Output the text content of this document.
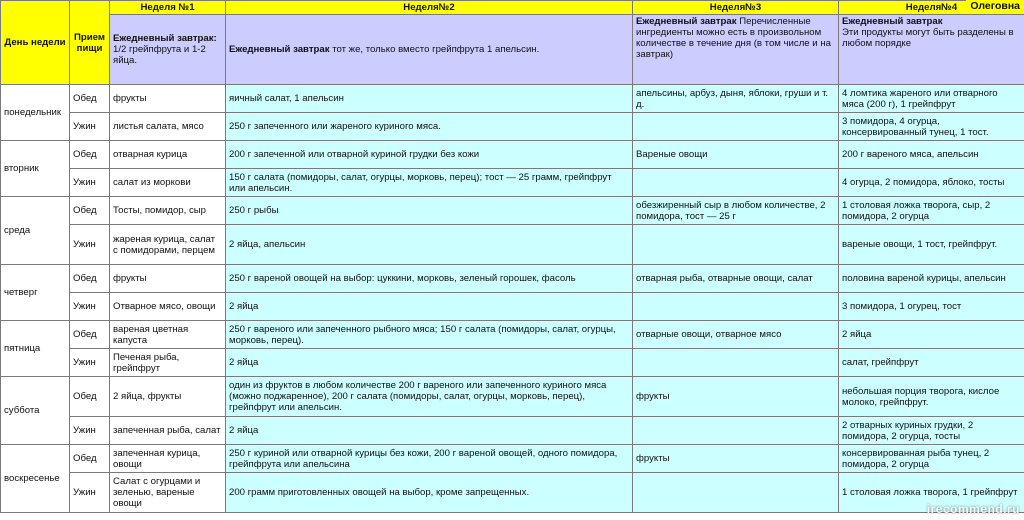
День недели	Прием пищи	Неделя №1	Неделя№2	Неделя№3	Неделя№4
		Ежедневный завтрак: 1/2 грейпфрута и 1-2 яйца.	Ежедневный завтрак тот же, только вместо грейпфрута 1 апельсин.	Ежедневный завтрак Перечисленные ингредиенты можно есть в произвольном количестве в течение дня (в том числе и на завтрак)	Ежедневный завтрак
Эти продукты могут быть разделены в любом порядке
понедельник	Обед	фрукты	яичный салат, 1 апельсин	апельсины, арбуз, дыня, яблоки, груши и т. д.	4 ломтика жареного или отварного мяса (200 г), 1 грейпфрут
	Ужин	листья салата, мясо	250 г запеченного или жареного куриного мяса.		3 помидора, 4 огурца, консервированный тунец, 1 тост.
вторник	Обед	отварная курица	200 г запеченной или отварной куриной грудки без кожи	Вареные овощи	200 г вареного мяса, апельсин
	Ужин	салат из моркови	150 г салата (помидоры, салат, огурцы, морковь, перец); тост — 25 грамм, грейпфрут или апельсин.		4 огурца, 2 помидора, яблоко, тосты
среда	Обед	Тосты, помидор, сыр	250 г рыбы	обезжиренный сыр в любом количестве, 2 помидора, тост — 25 г	1 столовая ложка творога, сыр, 2 помидора, 2 огурца
	Ужин	жареная курица, салат с помидорами, перцем	2 яйца, апельсин		вареные овощи, 1 тост, грейпфрут.
четверг	Обед	фрукты	250 г вареной овощей на выбор: цуккини, морковь, зеленый горошек, фасоль	отварная рыба, отварные овощи, салат	половина вареной курицы, апельсин
	Ужин	Отварное мясо, овощи	2 яйца		3 помидора, 1 огурец, тост
пятница	Обед	вареная цветная капуста	250 г вареного или запеченного рыбного мяса; 150 г салата (помидоры, салат, огурцы, морковь, перец).	отварные овощи, отварное мясо	2 яйца
	Ужин	Печеная рыба, грейпфрут	2 яйца		салат, грейпфрут
суббота	Обед	2 яйца, фрукты	один из фруктов в любом количестве 200 г вареного или запеченного куриного мяса (можно поджаренное), 200 г салата (помидоры, салат, огурцы, морковь, перец), грейпфрут или апельсин.	фрукты	небольшая порция творога, кислое молоко, грейпфрут.
	Ужин	запеченная рыба, салат	2 яйца		2 отварных куриных грудки, 2 помидора, 2 огурца, тосты
воскресенье	Обед	запеченная курица, овощи	250 г куриной или отварной курицы без кожи, 200 г вареной овощей, одного помидора, грейпфрута или апельсина	фрукты	консервированная рыба тунец, 2 помидора, 2 огурца
	Ужин	Салат с огурцами и зеленью, вареные овощи	200 грамм приготовленных овощей на выбор, кроме запрещенных.		1 столовая ложка творога, 1 грейпфрут
Олеговна
irecommend.ru
